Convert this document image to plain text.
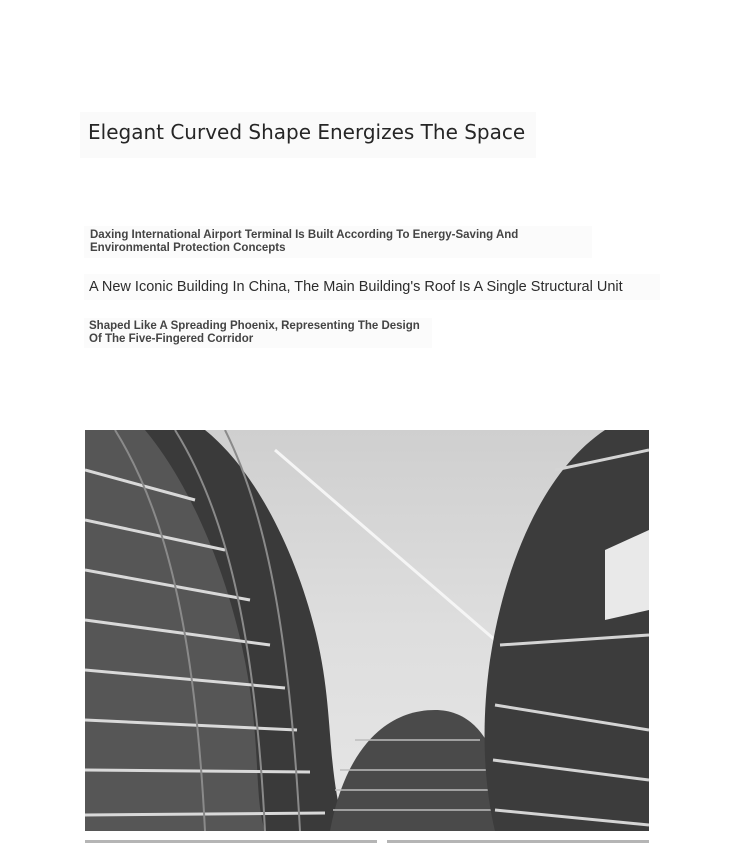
Elegant Curved Shape Energizes The Space
Daxing International Airport Terminal Is Built According To Energy-Saving And Environmental Protection Concepts
A New Iconic Building In China, The Main Building's Roof Is A Single Structural Unit
Shaped Like A Spreading Phoenix, Representing The Design Of The Five-Fingered Corridor
